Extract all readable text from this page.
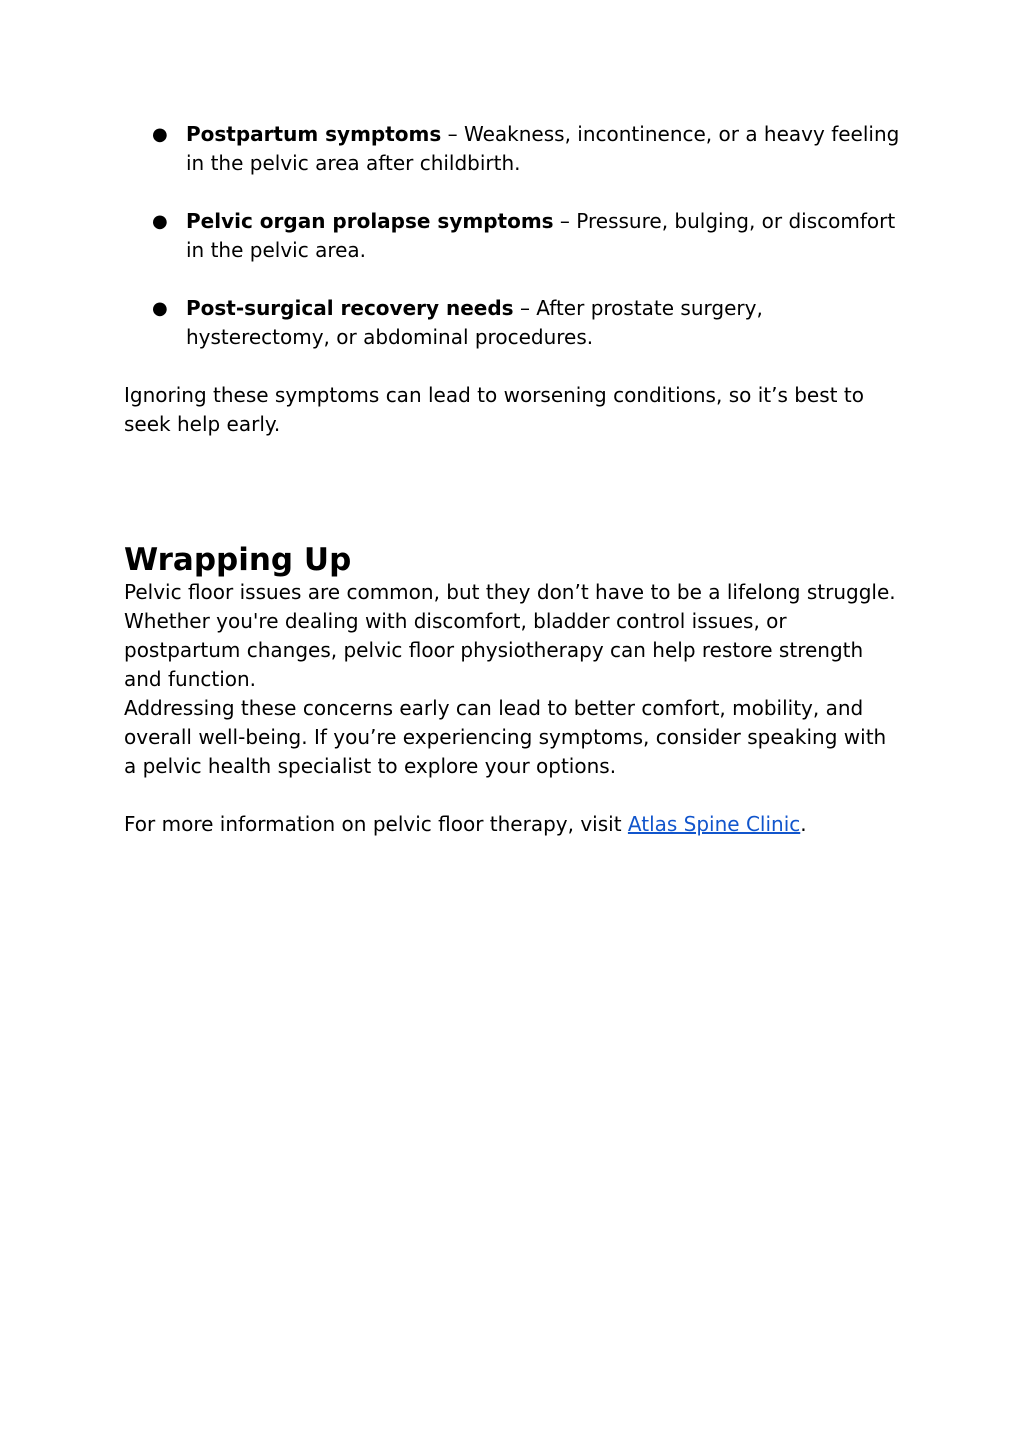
● Postpartum symptoms – Weakness, incontinence, or a heavy feeling in the pelvic area after childbirth.
● Pelvic organ prolapse symptoms – Pressure, bulging, or discomfort in the pelvic area.
● Post-surgical recovery needs – After prostate surgery, hysterectomy, or abdominal procedures.

Ignoring these symptoms can lead to worsening conditions, so it’s best to seek help early.

Wrapping Up

Pelvic floor issues are common, but they don’t have to be a lifelong struggle. Whether you're dealing with discomfort, bladder control issues, or postpartum changes, pelvic floor physiotherapy can help restore strength and function.

Addressing these concerns early can lead to better comfort, mobility, and overall well-being. If you’re experiencing symptoms, consider speaking with a pelvic health specialist to explore your options.

For more information on pelvic floor therapy, visit Atlas Spine Clinic.
